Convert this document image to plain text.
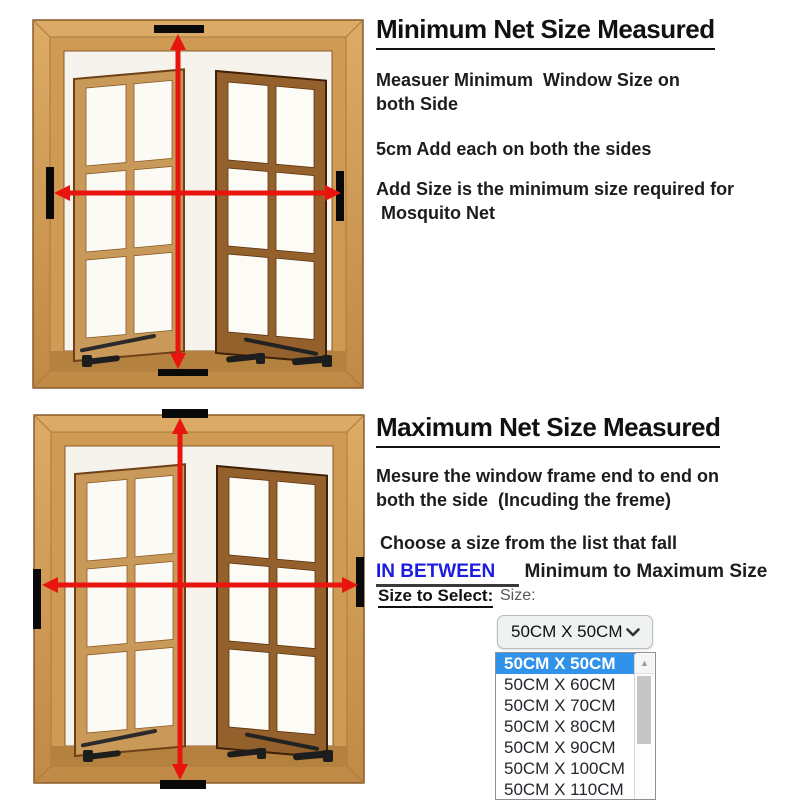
Minimum Net Size Measured
Measuer Minimum  Window Size on
both Side
5cm Add each on both the sides
Add Size is the minimum size required for
Mosquito Net
Maximum Net Size Measured
Mesure the window frame end to end on
both the side  (Incuding the freme)
Choose a size from the list that fall
IN BETWEEN Minimum to Maximum Size
Size to Select: Size:
50CM X 50CM
50CM X 50CM
50CM X 60CM
50CM X 70CM
50CM X 80CM
50CM X 90CM
50CM X 100CM
50CM X 110CM
▲
